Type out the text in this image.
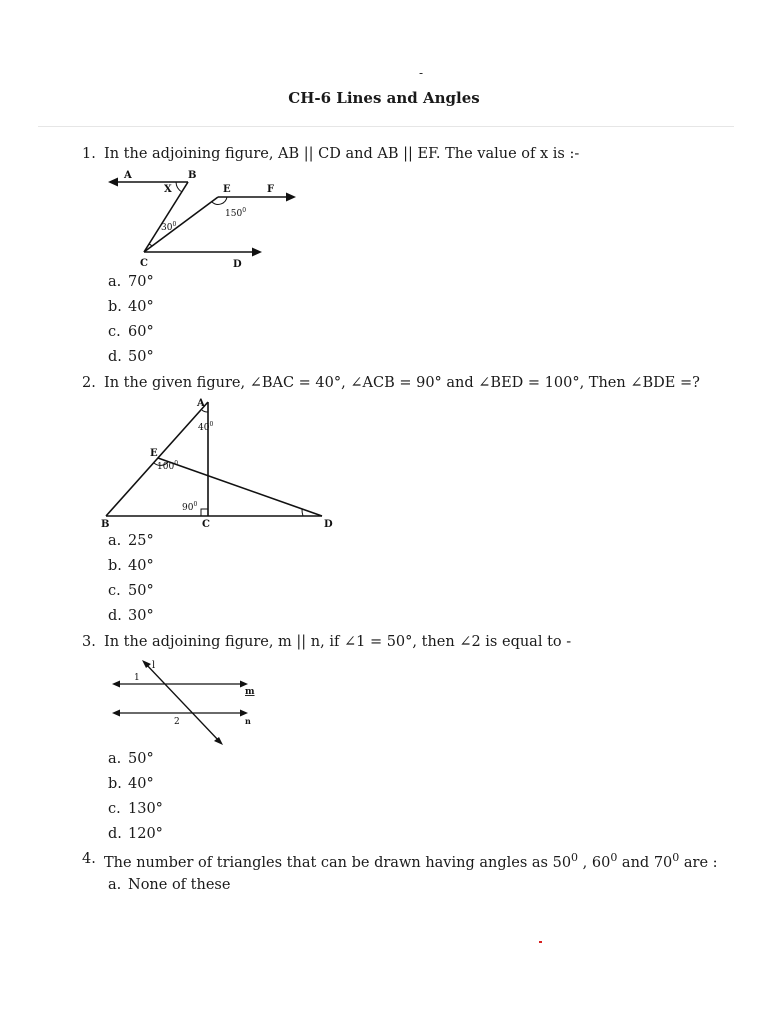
-
CH-6 Lines and Angles
1. In the adjoining figure, AB || CD and AB || EF. The value of x is :-
A	B
X	E	F
$30^0$
$150^0$
C	D
a. 70°
b. 40°
c. 60°
d. 50°
2. In the given figure, ∠BAC = 40°, ∠ACB = 90° and ∠BED = 100°, Then ∠BDE =?
A
$40^0$
E
$100^0$
$90^0$
B	C	D
a. 25°
b. 40°
c. 50°
d. 30°
3. In the adjoining figure, m || n, if ∠1 = 50°, then ∠2 is equal to -
l
1
m
2	n
a. 50°
b. 40°
c. 130°
d. 120°
4. The number of triangles that can be drawn having angles as $50^0$ , $60^0$ and $70^0$ are :
a. None of these
